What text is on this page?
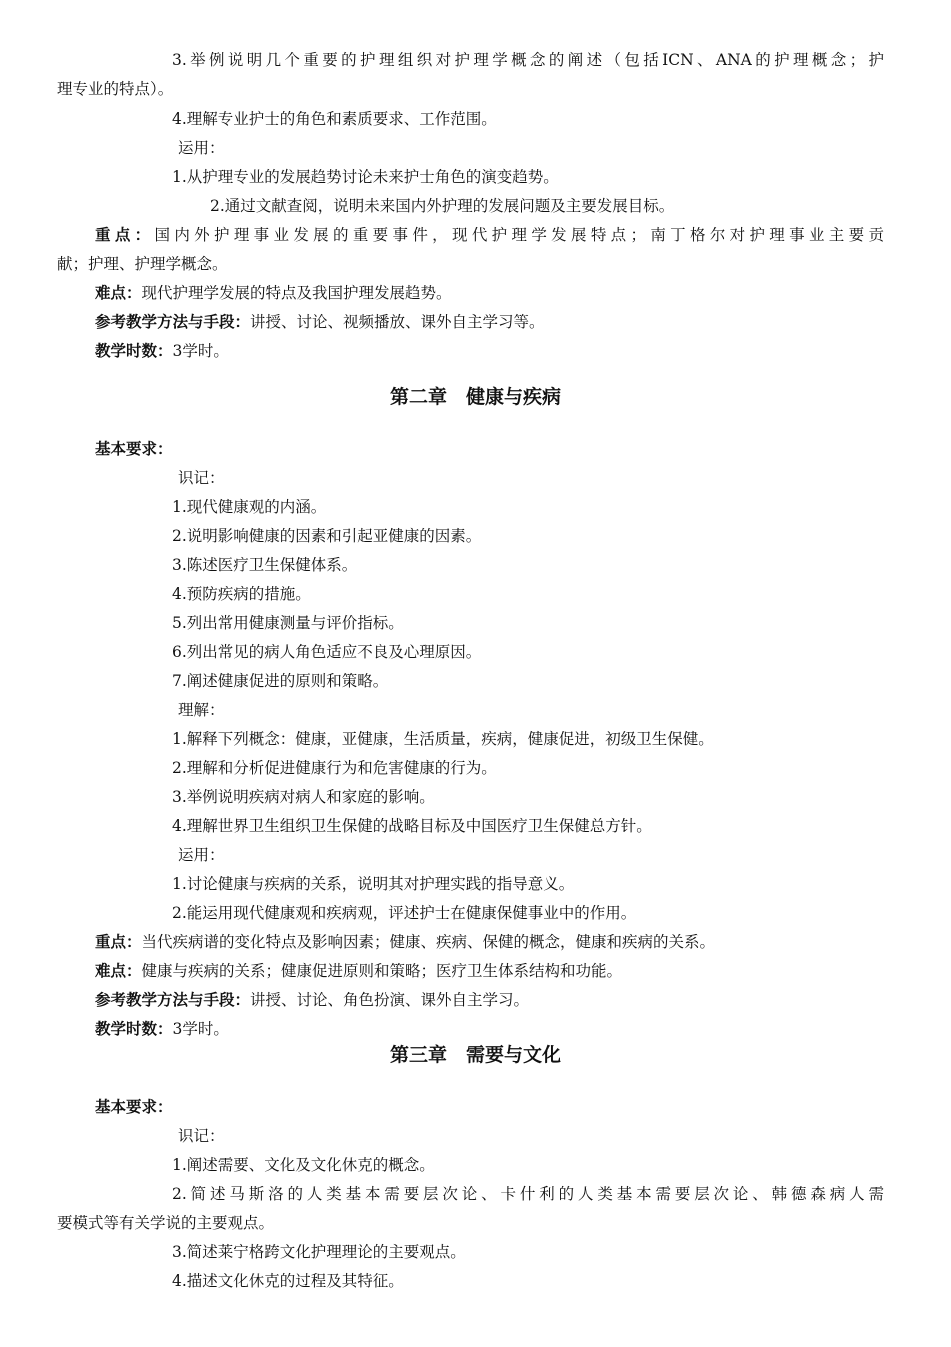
3.举例说明几个重要的护理组织对护理学概念的阐述（包括ICN、ANA的护理概念；护
理专业的特点）。
4.理解专业护士的角色和素质要求、工作范围。
运用：
1.从护理专业的发展趋势讨论未来护士角色的演变趋势。
2.通过文献查阅，说明未来国内外护理的发展问题及主要发展目标。
重点：国内外护理事业发展的重要事件，现代护理学发展特点；南丁格尔对护理事业主要贡
献；护理、护理学概念。
难点：现代护理学发展的特点及我国护理发展趋势。
参考教学方法与手段：讲授、讨论、视频播放、课外自主学习等。
教学时数：3学时。
第二章　健康与疾病
基本要求：
识记：
1.现代健康观的内涵。
2.说明影响健康的因素和引起亚健康的因素。
3.陈述医疗卫生保健体系。
4.预防疾病的措施。
5.列出常用健康测量与评价指标。
6.列出常见的病人角色适应不良及心理原因。
7.阐述健康促进的原则和策略。
理解：
1.解释下列概念：健康，亚健康，生活质量，疾病，健康促进，初级卫生保健。
2.理解和分析促进健康行为和危害健康的行为。
3.举例说明疾病对病人和家庭的影响。
4.理解世界卫生组织卫生保健的战略目标及中国医疗卫生保健总方针。
运用：
1.讨论健康与疾病的关系，说明其对护理实践的指导意义。
2.能运用现代健康观和疾病观，评述护士在健康保健事业中的作用。
重点：当代疾病谱的变化特点及影响因素；健康、疾病、保健的概念，健康和疾病的关系。
难点：健康与疾病的关系；健康促进原则和策略；医疗卫生体系结构和功能。
参考教学方法与手段：讲授、讨论、角色扮演、课外自主学习。
教学时数：3学时。
第三章　需要与文化
基本要求：
识记：
1.阐述需要、文化及文化休克的概念。
2.简述马斯洛的人类基本需要层次论、卡什利的人类基本需要层次论、韩德森病人需
要模式等有关学说的主要观点。
3.简述莱宁格跨文化护理理论的主要观点。
4.描述文化休克的过程及其特征。
